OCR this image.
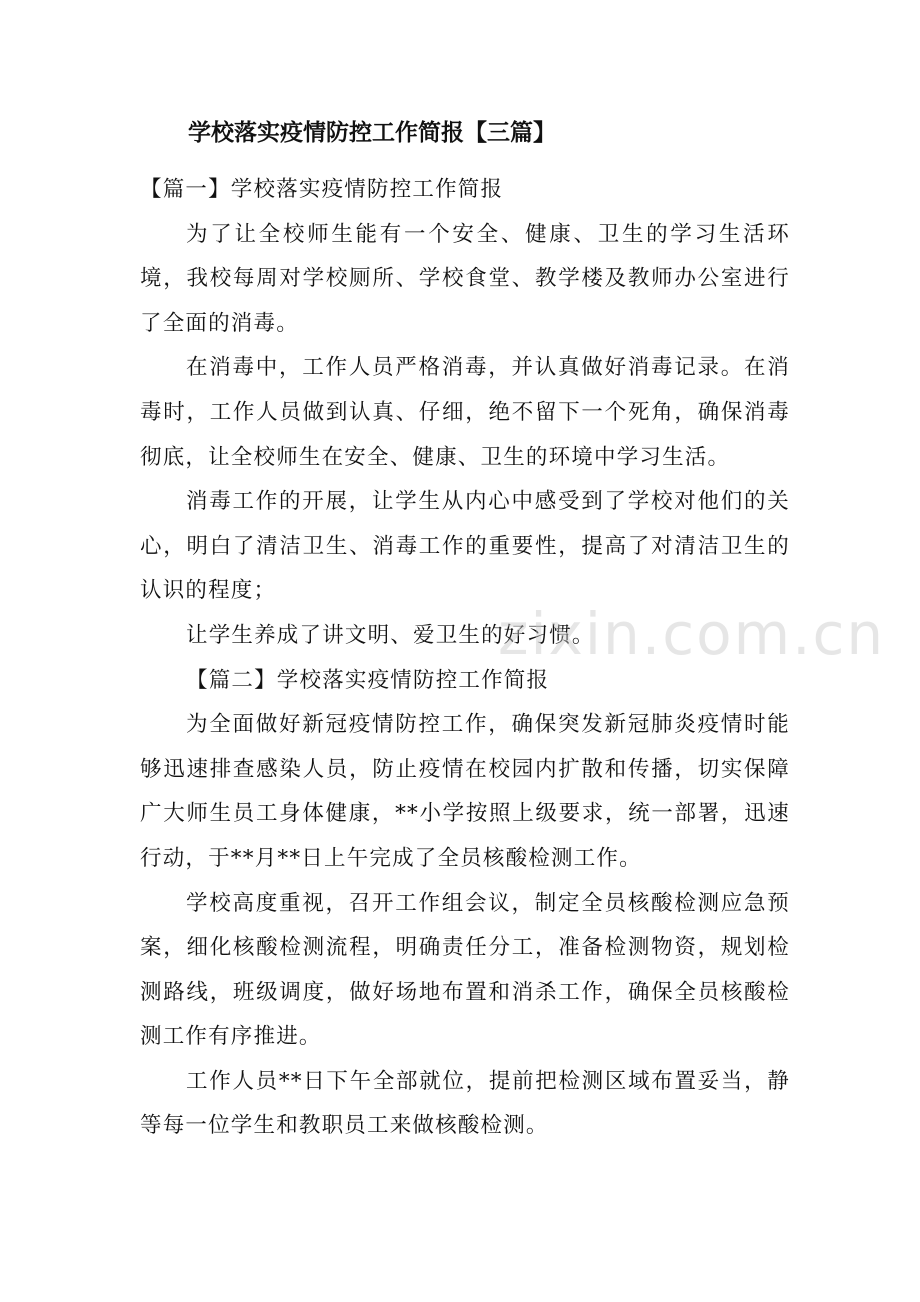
学校落实疫情防控工作简报【三篇】

【篇一】学校落实疫情防控工作简报

为了让全校师生能有一个安全、健康、卫生的学习生活环境，我校每周对学校厕所、学校食堂、教学楼及教师办公室进行了全面的消毒。

在消毒中，工作人员严格消毒，并认真做好消毒记录。在消毒时，工作人员做到认真、仔细，绝不留下一个死角，确保消毒彻底，让全校师生在安全、健康、卫生的环境中学习生活。

消毒工作的开展，让学生从内心中感受到了学校对他们的关心，明白了清洁卫生、消毒工作的重要性，提高了对清洁卫生的认识的程度；

让学生养成了讲文明、爱卫生的好习惯。

【篇二】学校落实疫情防控工作简报

为全面做好新冠疫情防控工作，确保突发新冠肺炎疫情时能够迅速排查感染人员，防止疫情在校园内扩散和传播，切实保障广大师生员工身体健康，**小学按照上级要求，统一部署，迅速行动，于**月**日上午完成了全员核酸检测工作。

学校高度重视，召开工作组会议，制定全员核酸检测应急预案，细化核酸检测流程，明确责任分工，准备检测物资，规划检测路线，班级调度，做好场地布置和消杀工作，确保全员核酸检测工作有序推进。

工作人员**日下午全部就位，提前把检测区域布置妥当，静等每一位学生和教职员工来做核酸检测。

zixin.com.cn
